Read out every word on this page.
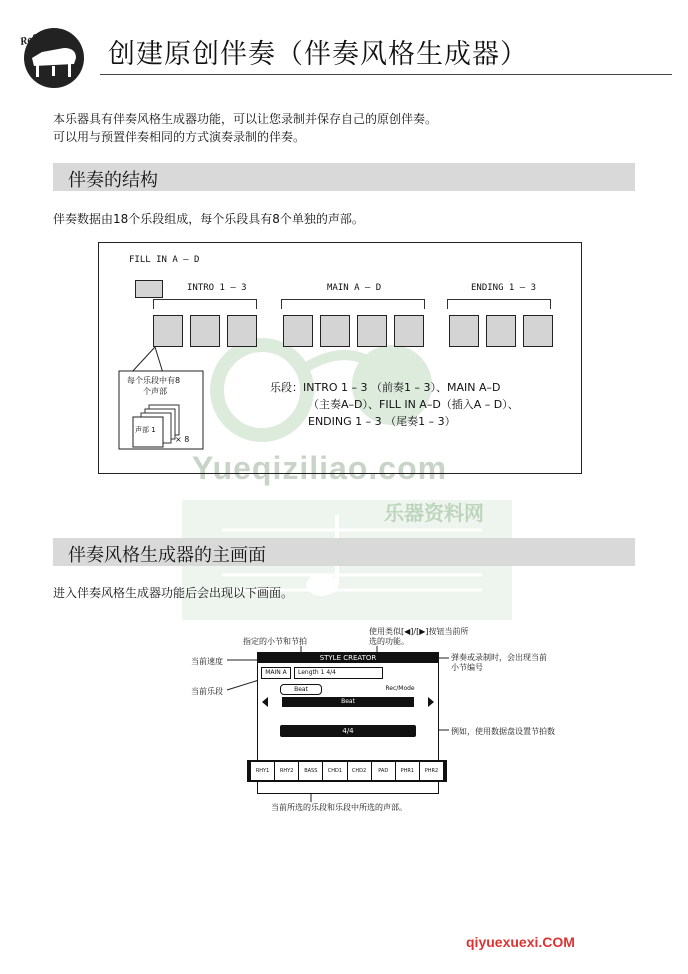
Yueqiziliao.com
乐器资料网
Reference
创建原创伴奏（伴奏风格生成器）
本乐器具有伴奏风格生成器功能，可以让您录制并保存自己的原创伴奏。
可以用与预置伴奏相同的方式演奏录制的伴奏。
伴奏的结构
伴奏数据由18个乐段组成，每个乐段具有8个单独的声部。
FILL IN A – D
INTRO 1 – 3	MAIN A – D	ENDING 1 – 3
每个乐段中有8
个声部
声部 1
× 8
乐段：INTRO 1 – 3 （前奏1 – 3）、MAIN A–D
（主奏A–D）、FILL IN A–D（插入A – D）、
ENDING 1 – 3 （尾奏1 – 3）
伴奏风格生成器的主画面
进入伴奏风格生成器功能后会出现以下画面。
指定的小节和节拍
使用类似[◀]/[▶]按钮当前所
选的功能。
当前速度
当前乐段
弹奏或录制时，会出现当前
小节编号
例如，使用数据盘设置节拍数
当前所选的乐段和乐段中所选的声部。
STYLE CREATOR
MAIN A	Length 1 4/4
Beat
Beat
Rec/Mode
4/4
RHY1	RHY2	BASS	CHD1	CHD2	PAD	PHR1	PHR2
qiyuexuexi.COM
